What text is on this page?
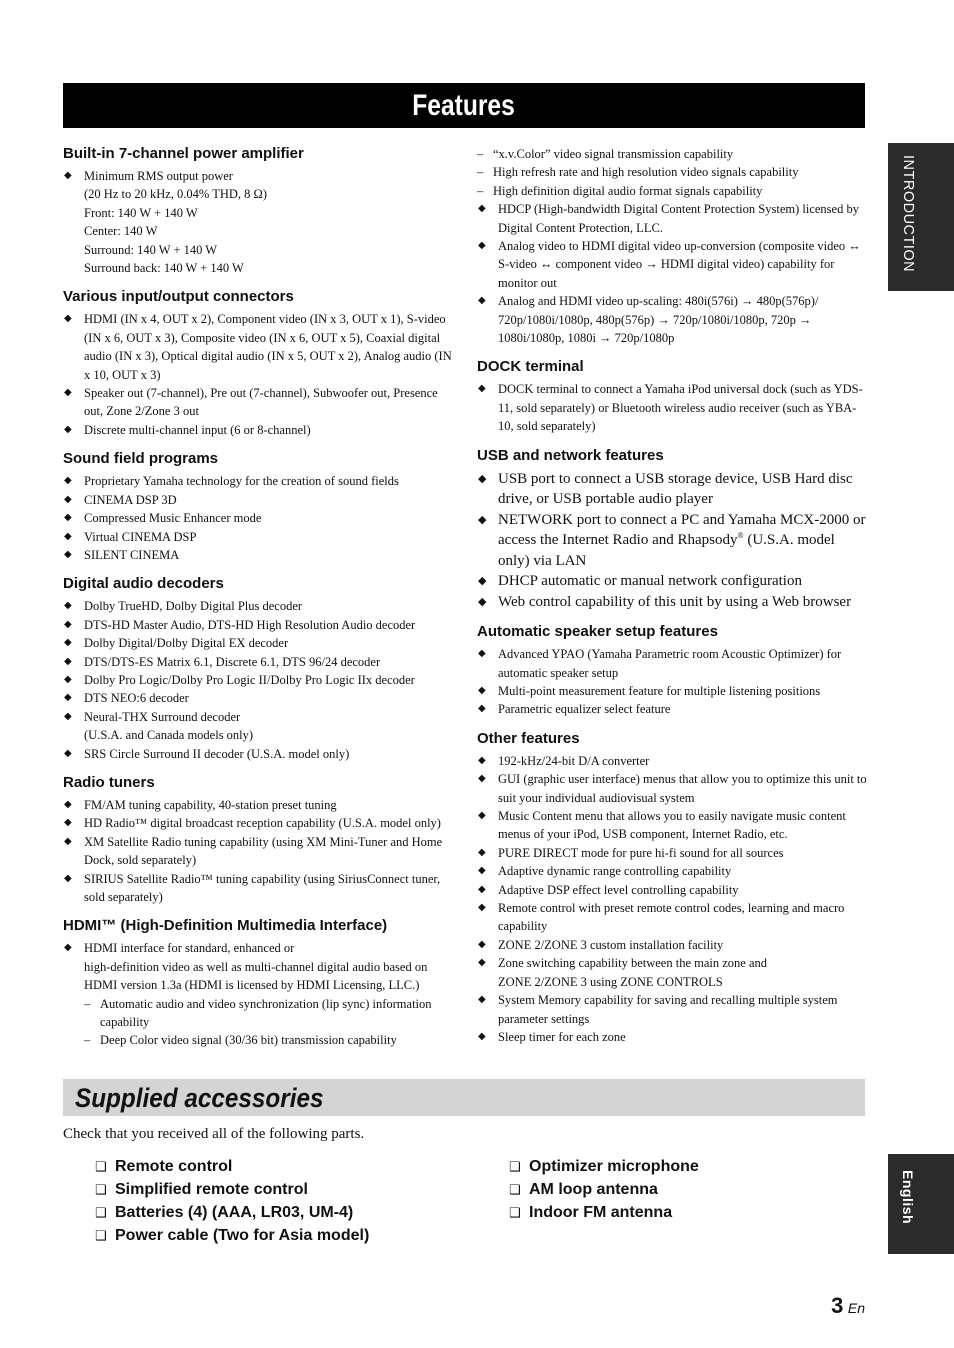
Features
Built-in 7-channel power amplifier
◆ Minimum RMS output power
(20 Hz to 20 kHz, 0.04% THD, 8 Ω)
Front: 140 W + 140 W
Center: 140 W
Surround: 140 W + 140 W
Surround back: 140 W + 140 W
Various input/output connectors
◆ HDMI (IN x 4, OUT x 2), Component video (IN x 3, OUT x 1), S-video (IN x 6, OUT x 3), Composite video (IN x 6, OUT x 5), Coaxial digital audio (IN x 3), Optical digital audio (IN x 5, OUT x 2), Analog audio (IN x 10, OUT x 3)
◆ Speaker out (7-channel), Pre out (7-channel), Subwoofer out, Presence out, Zone 2/Zone 3 out
◆ Discrete multi-channel input (6 or 8-channel)
Sound field programs
◆ Proprietary Yamaha technology for the creation of sound fields
◆ CINEMA DSP 3D
◆ Compressed Music Enhancer mode
◆ Virtual CINEMA DSP
◆ SILENT CINEMA
Digital audio decoders
◆ Dolby TrueHD, Dolby Digital Plus decoder
◆ DTS-HD Master Audio, DTS-HD High Resolution Audio decoder
◆ Dolby Digital/Dolby Digital EX decoder
◆ DTS/DTS-ES Matrix 6.1, Discrete 6.1, DTS 96/24 decoder
◆ Dolby Pro Logic/Dolby Pro Logic II/Dolby Pro Logic IIx decoder
◆ DTS NEO:6 decoder
◆ Neural-THX Surround decoder
(U.S.A. and Canada models only)
◆ SRS Circle Surround II decoder (U.S.A. model only)
Radio tuners
◆ FM/AM tuning capability, 40-station preset tuning
◆ HD Radio™ digital broadcast reception capability (U.S.A. model only)
◆ XM Satellite Radio tuning capability (using XM Mini-Tuner and Home Dock, sold separately)
◆ SIRIUS Satellite Radio™ tuning capability (using SiriusConnect tuner, sold separately)
HDMI™ (High-Definition Multimedia Interface)
◆ HDMI interface for standard, enhanced or
high-definition video as well as multi-channel digital audio based on HDMI version 1.3a (HDMI is licensed by HDMI Licensing, LLC.)
– Automatic audio and video synchronization (lip sync) information capability
– Deep Color video signal (30/36 bit) transmission capability
– “x.v.Color” video signal transmission capability
– High refresh rate and high resolution video signals capability
– High definition digital audio format signals capability
◆ HDCP (High-bandwidth Digital Content Protection System) licensed by Digital Content Protection, LLC.
◆ Analog video to HDMI digital video up-conversion (composite video ↔ S-video ↔ component video → HDMI digital video) capability for monitor out
◆ Analog and HDMI video up-scaling: 480i(576i) → 480p(576p)/ 720p/1080i/1080p, 480p(576p) → 720p/1080i/1080p, 720p → 1080i/1080p, 1080i → 720p/1080p
DOCK terminal
◆ DOCK terminal to connect a Yamaha iPod universal dock (such as YDS-11, sold separately) or Bluetooth wireless audio receiver (such as YBA-10, sold separately)
USB and network features
◆ USB port to connect a USB storage device, USB Hard disc drive, or USB portable audio player
◆ NETWORK port to connect a PC and Yamaha MCX-2000 or access the Internet Radio and Rhapsody® (U.S.A. model only) via LAN
◆ DHCP automatic or manual network configuration
◆ Web control capability of this unit by using a Web browser
Automatic speaker setup features
◆ Advanced YPAO (Yamaha Parametric room Acoustic Optimizer) for automatic speaker setup
◆ Multi-point measurement feature for multiple listening positions
◆ Parametric equalizer select feature
Other features
◆ 192-kHz/24-bit D/A converter
◆ GUI (graphic user interface) menus that allow you to optimize this unit to suit your individual audiovisual system
◆ Music Content menu that allows you to easily navigate music content menus of your iPod, USB component, Internet Radio, etc.
◆ PURE DIRECT mode for pure hi-fi sound for all sources
◆ Adaptive dynamic range controlling capability
◆ Adaptive DSP effect level controlling capability
◆ Remote control with preset remote control codes, learning and macro capability
◆ ZONE 2/ZONE 3 custom installation facility
◆ Zone switching capability between the main zone and
ZONE 2/ZONE 3 using ZONE CONTROLS
◆ System Memory capability for saving and recalling multiple system parameter settings
◆ Sleep timer for each zone
Supplied accessories
Check that you received all of the following parts.
❑ Remote control
❑ Simplified remote control
❑ Batteries (4) (AAA, LR03, UM-4)
❑ Power cable (Two for Asia model)
❑ Optimizer microphone
❑ AM loop antenna
❑ Indoor FM antenna
INTRODUCTION
English
3 En
